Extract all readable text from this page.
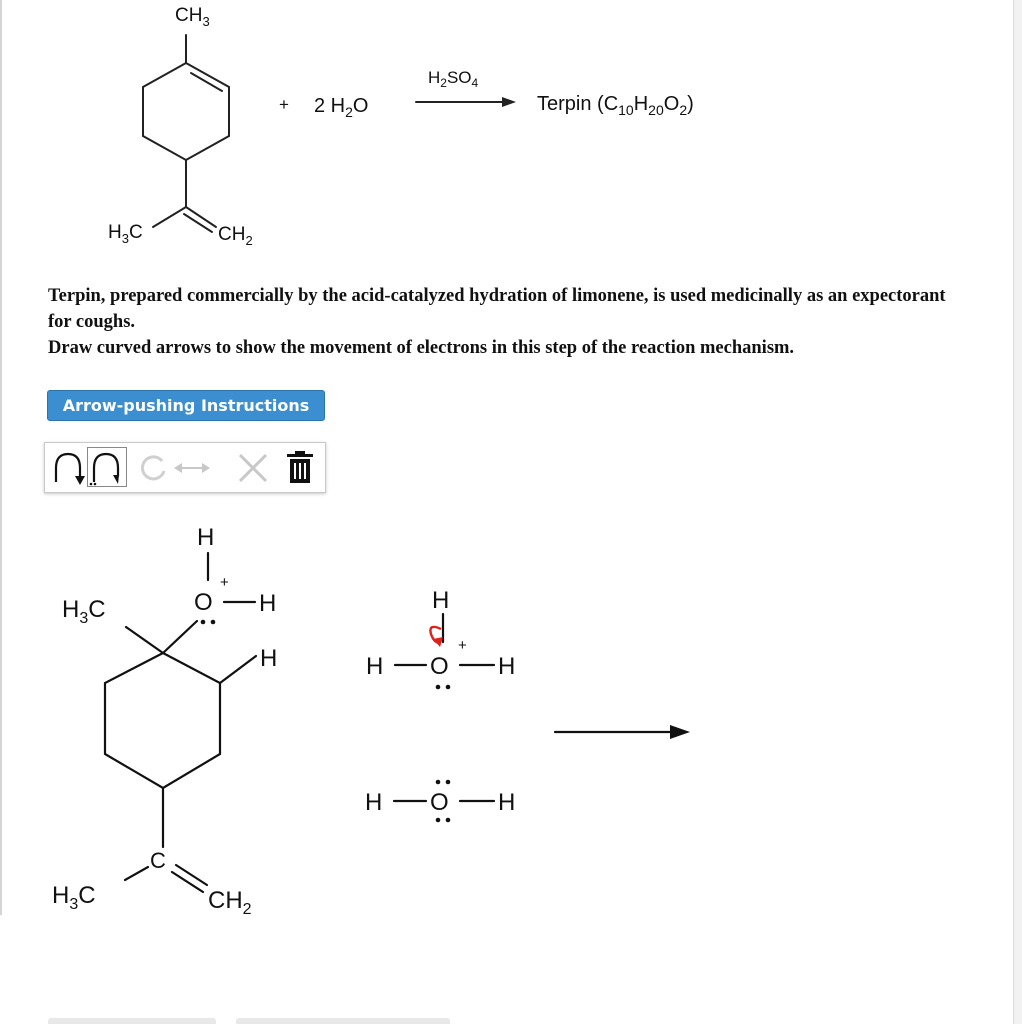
$CH_3$
$H_3C$	$CH_2$
+ 2 $H_2O$
$H_2SO_4$
Terpin $(C_{10}H_{20}O_2)$

Terpin, prepared commercially by the acid-catalyzed hydration of limonene, is used medicinally as an expectorant for coughs.

Draw curved arrows to show the movement of electrons in this step of the reaction mechanism.

Arrow-pushing Instructions
H
O
+
H
H
$H_3C$
C
$H_3C$	$CH_2$
H
H O
+
H
H O H
